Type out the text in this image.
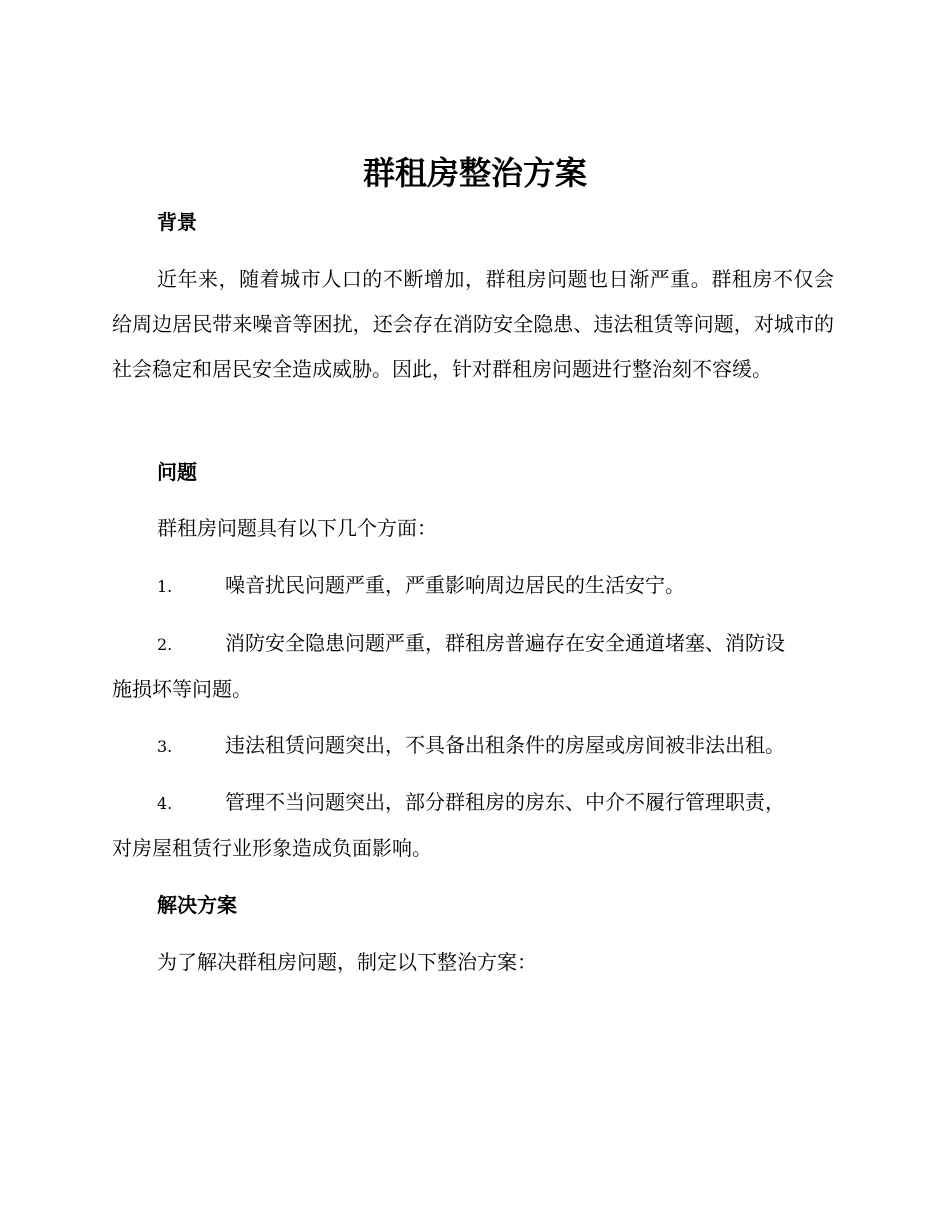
群租房整治方案
背景

近年来，随着城市人口的不断增加，群租房问题也日渐严重。群租房不仅会给周边居民带来噪音等困扰，还会存在消防安全隐患、违法租赁等问题，对城市的社会稳定和居民安全造成威胁。因此，针对群租房问题进行整治刻不容缓。

问题

群租房问题具有以下几个方面：

1.	噪音扰民问题严重，严重影响周边居民的生活安宁。
2.	消防安全隐患问题严重，群租房普遍存在安全通道堵塞、消防设
施损坏等问题。
3.	违法租赁问题突出，不具备出租条件的房屋或房间被非法出租。
4.	管理不当问题突出，部分群租房的房东、中介不履行管理职责，
对房屋租赁行业形象造成负面影响。
解决方案

为了解决群租房问题，制定以下整治方案：
